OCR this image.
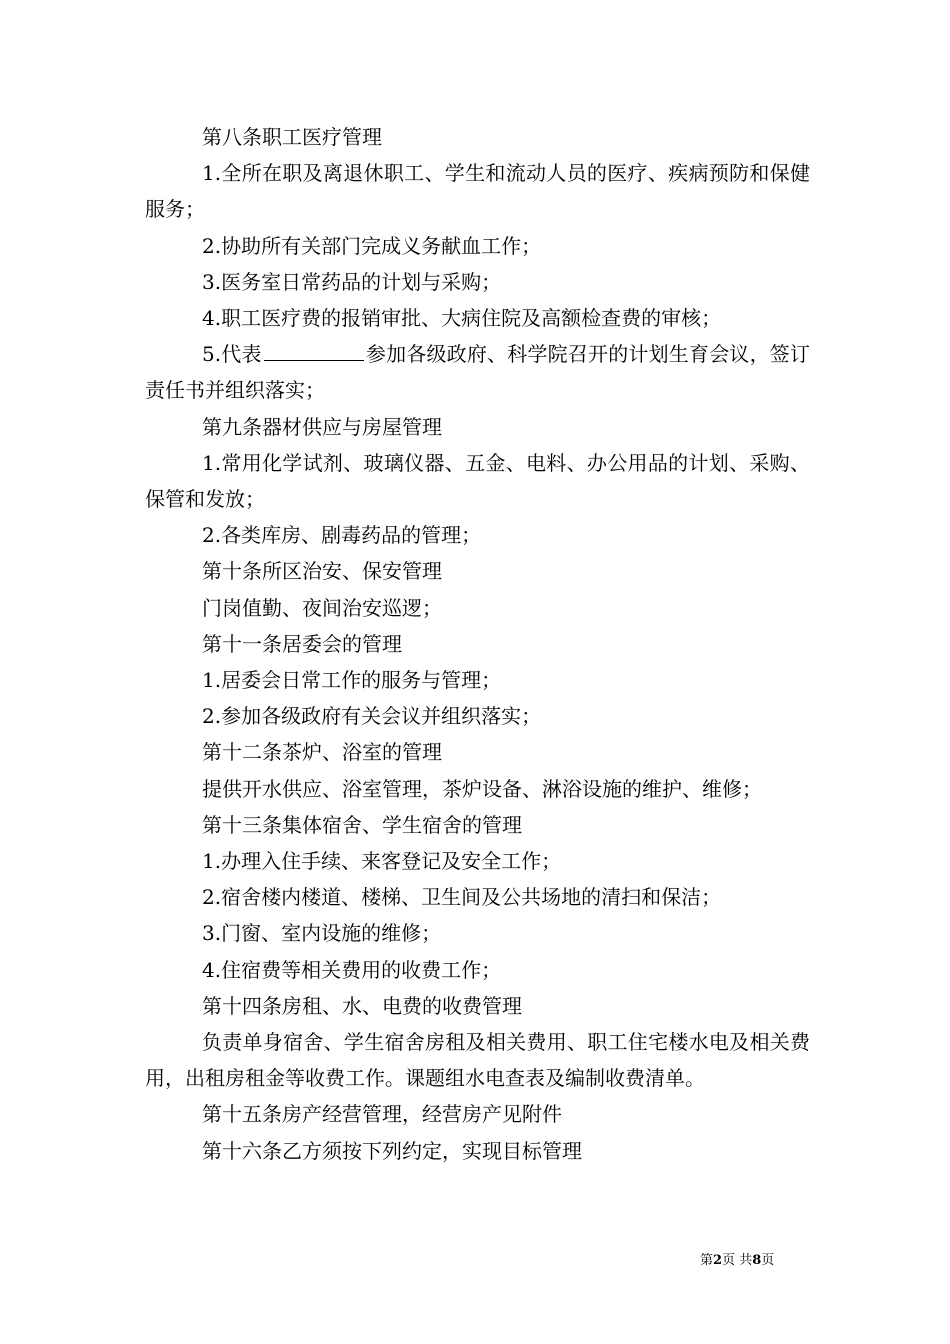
第八条职工医疗管理

1.全所在职及离退休职工、学生和流动人员的医疗、疾病预防和保健服务；

2.协助所有关部门完成义务献血工作；

3.医务室日常药品的计划与采购；

4.职工医疗费的报销审批、大病住院及高额检查费的审核；

5.代表	参加各级政府、科学院召开的计划生育会议，签订责任书并组织落实；

第九条器材供应与房屋管理

1.常用化学试剂、玻璃仪器、五金、电料、办公用品的计划、采购、保管和发放；

2.各类库房、剧毒药品的管理；

第十条所区治安、保安管理

门岗值勤、夜间治安巡逻；

第十一条居委会的管理

1.居委会日常工作的服务与管理；

2.参加各级政府有关会议并组织落实；

第十二条茶炉、浴室的管理

提供开水供应、浴室管理，茶炉设备、淋浴设施的维护、维修；

第十三条集体宿舍、学生宿舍的管理

1.办理入住手续、来客登记及安全工作；

2.宿舍楼内楼道、楼梯、卫生间及公共场地的清扫和保洁；

3.门窗、室内设施的维修；

4.住宿费等相关费用的收费工作；

第十四条房租、水、电费的收费管理

负责单身宿舍、学生宿舍房租及相关费用、职工住宅楼水电及相关费用，出租房租金等收费工作。课题组水电查表及编制收费清单。

第十五条房产经营管理，经营房产见附件

第十六条乙方须按下列约定，实现目标管理

第2页 共8页
